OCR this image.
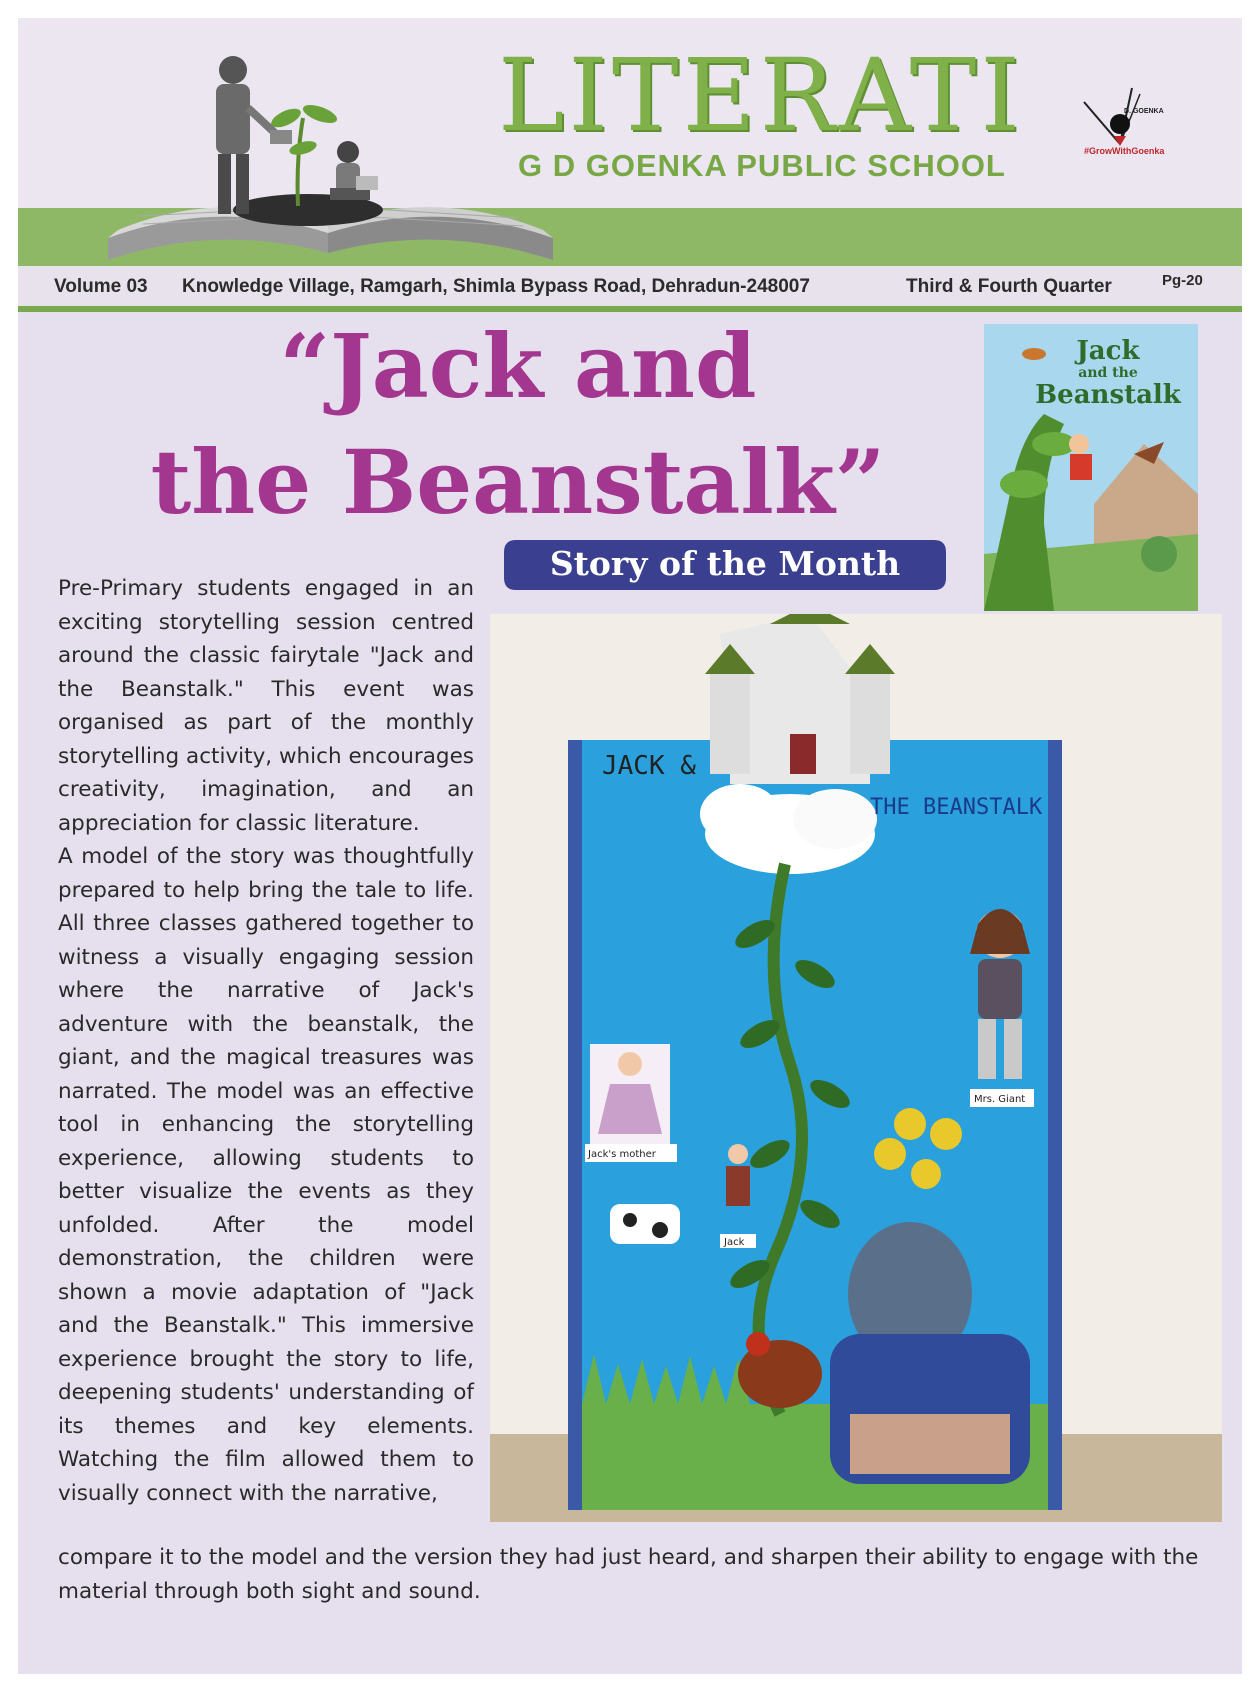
LITERATI
G D GOENKA PUBLIC SCHOOL
D. GOENKA
#GrowWithGoenka
Volume 03 Knowledge Village, Ramgarh, Shimla Bypass Road, Dehradun-248007	Third & Fourth Quarter	Pg-20
“Jack and
the Beanstalk”
Story of the Month
Jack
and the
Beanstalk
JACK &
THE BEANSTALK
Mrs. Giant
Jack's mother
Jack

Pre-Primary students engaged in an exciting storytelling session centred around the classic fairytale "Jack and the Beanstalk." This event was organised as part of the monthly storytelling activity, which encourages creativity, imagination, and an appreciation for classic literature.

A model of the story was thoughtfully prepared to help bring the tale to life. All three classes gathered together to witness a visually engaging session where the narrative of Jack's adventure with the beanstalk, the giant, and the magical treasures was narrated. The model was an effective tool in enhancing the storytelling experience, allowing students to better visualize the events as they unfolded. After the model demonstration, the children were shown a movie adaptation of "Jack and the Beanstalk." This immersive experience brought the story to life, deepening students' understanding of its themes and key elements. Watching the film allowed them to visually connect with the narrative,

compare it to the model and the version they had just heard, and sharpen their ability to engage with the material through both sight and sound.
